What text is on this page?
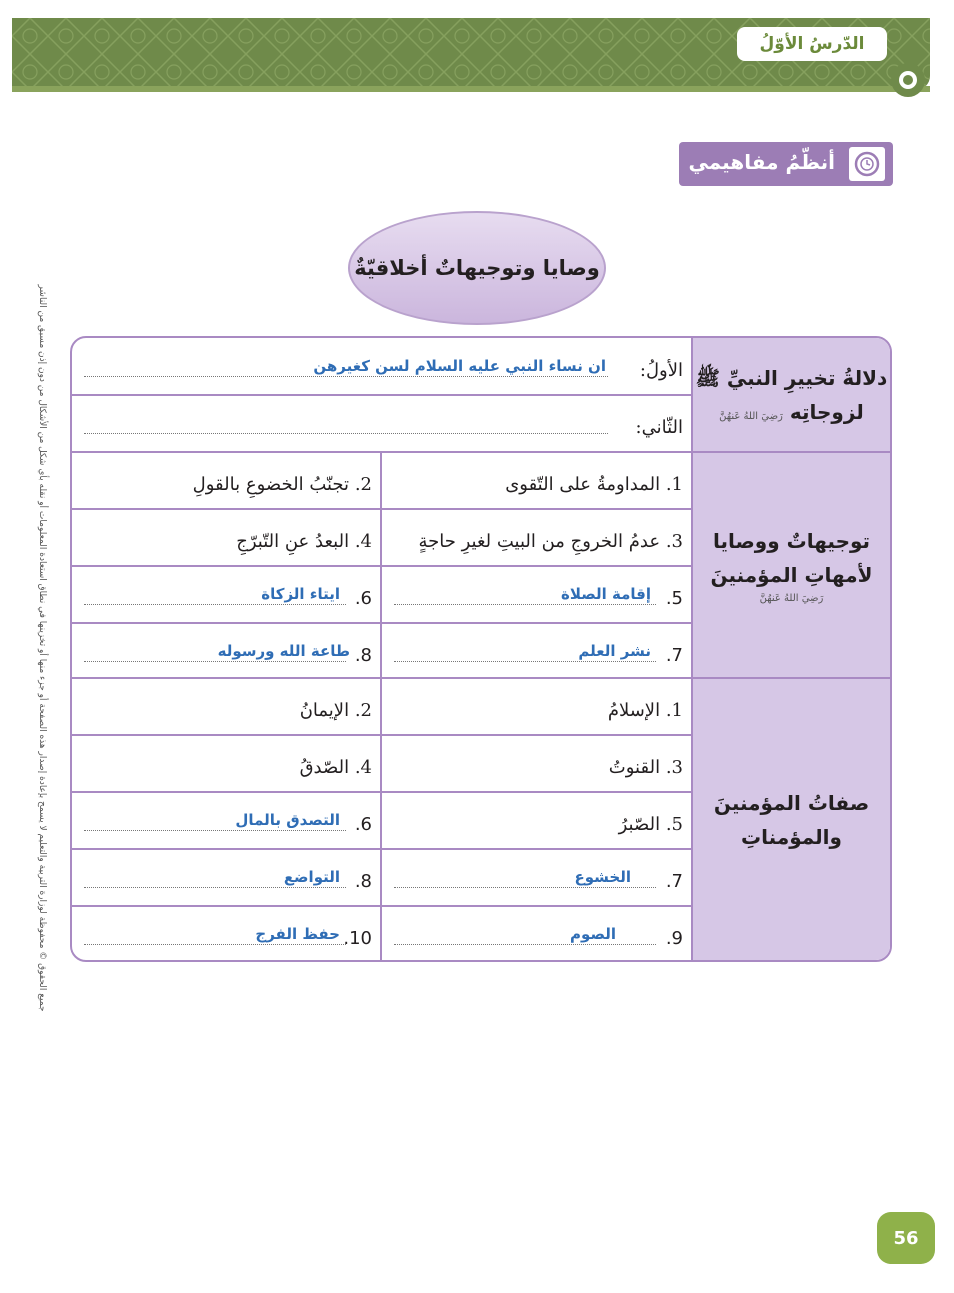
الدّرسُ الأوّلُ
أنظّمُ مفاهيمي
وصايا وتوجيهاتٌ أخلاقيّةٌ
جميع الحقوق © محفوظة لوزارة التربية والتعليم لا يسمح بإعادة إصدار هذه الصفحة أو جزء منها أو تخزينها في نطاق استعادة المعلومات أو نقله بأي شكل من الأشكال من دون إذن مسبق من الناشر	دلالةُ تخييرِ النبيِّ ﷺ
لزوجاتِه رَضِيَ اللهُ عَنهُنَّ
توجيهاتٌ ووصايا
لأمهاتِ المؤمنينَ
رَضِيَ اللهُ عَنهُنَّ
صفاتُ المؤمنينَ
والمؤمناتِ
الأولُ:
ان نساء النبي عليه السلام لسن كغيرهن
الثّاني:
1. المداومةُ على التّقوى
2. تجنّبُ الخضوعِ بالقولِ
3. عدمُ الخروجِ من البيتِ لغيرِ حاجةٍ
4. البعدُ عنِ التّبرّجِ
5.
إقامة الصلاة
6.
ايتاء الزكاة
7.
نشر العلم
8.
طاعة الله ورسوله
1. الإسلامُ
2. الإيمانُ
3. القنوتُ
4. الصّدقُ
5. الصّبرُ
6.
التصدق بالمال
7.
الخشوع
8.
التواضع
9.
الصوم
10.
حفظ الفرج
56
